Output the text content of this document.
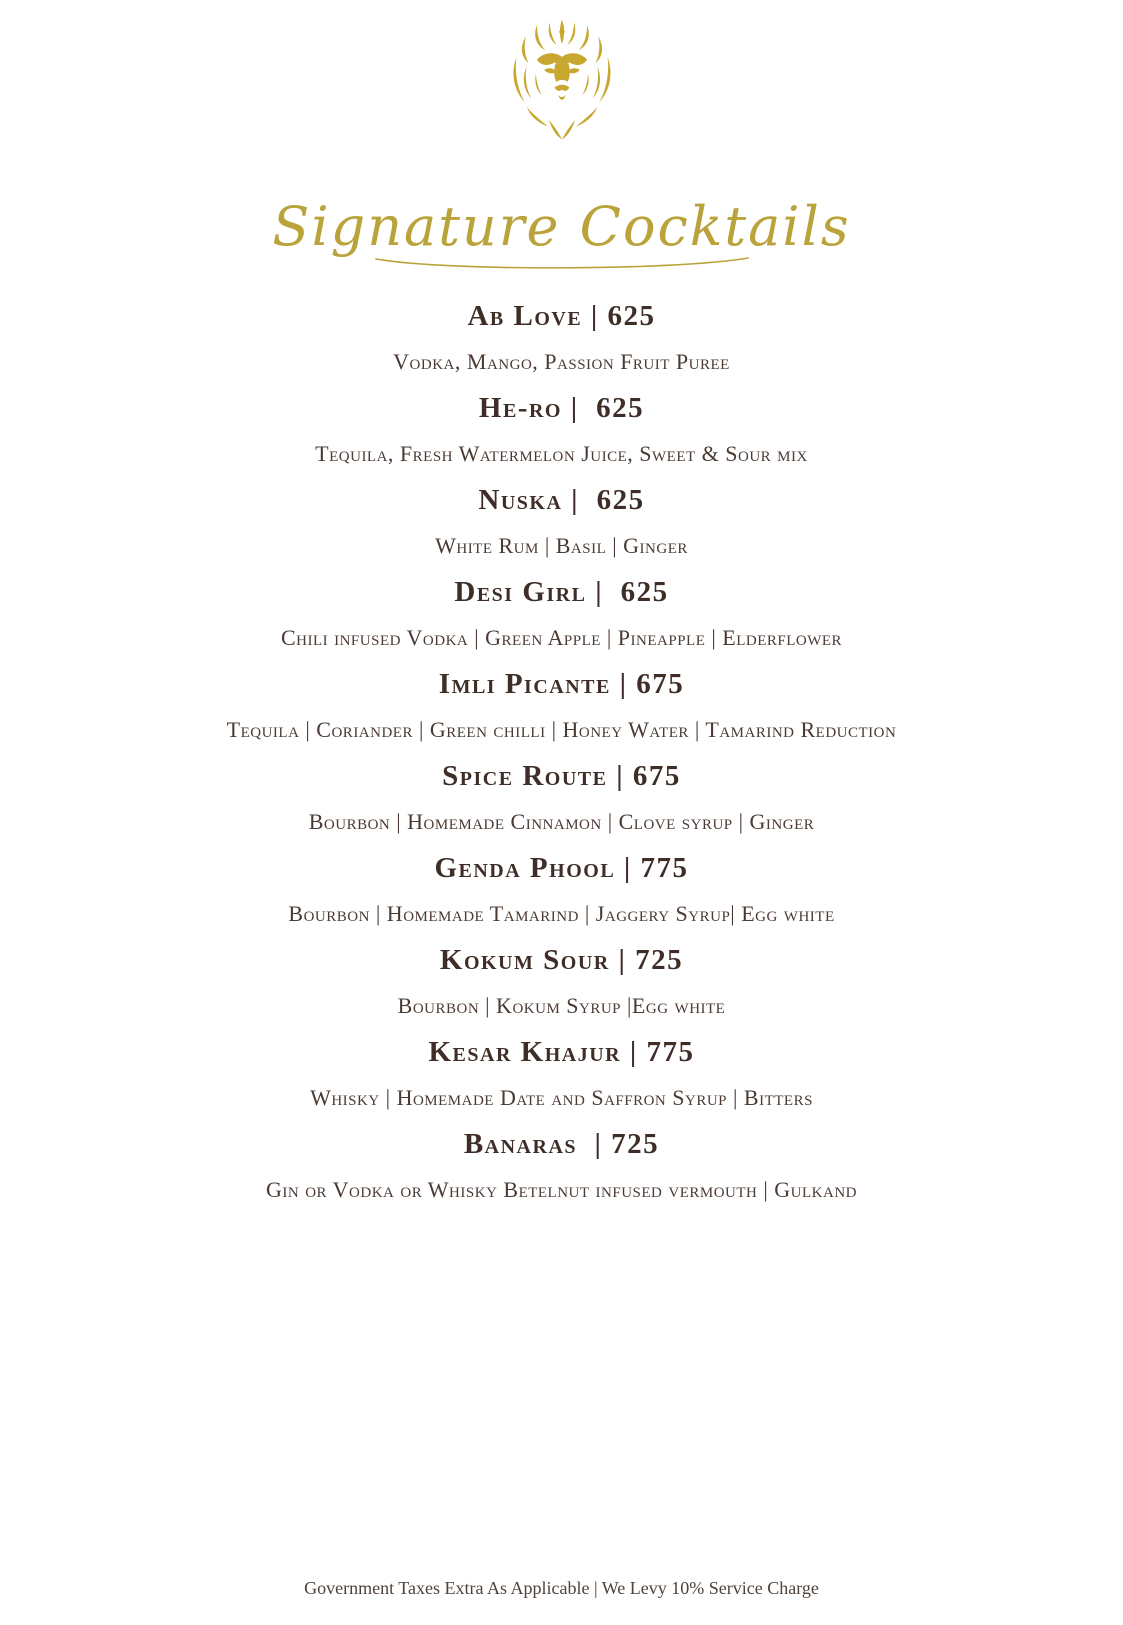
Signature Cocktails
Ab Love | 625
Vodka, Mango, Passion Fruit Puree
He-ro |  625
Tequila, Fresh Watermelon Juice, Sweet & Sour mix
Nuska |  625
White Rum | Basil | Ginger
Desi Girl |  625
Chili infused Vodka | Green Apple | Pineapple | Elderflower
Imli Picante | 675
Tequila | Coriander | Green chilli | Honey Water | Tamarind Reduction
Spice Route | 675
Bourbon | Homemade Cinnamon | Clove syrup | Ginger
Genda Phool | 775
Bourbon | Homemade Tamarind | Jaggery Syrup| Egg white
Kokum Sour | 725
Bourbon | Kokum Syrup |Egg white
Kesar Khajur | 775
Whisky | Homemade Date and Saffron Syrup | Bitters
Banaras  | 725
Gin or Vodka or Whisky Betelnut infused vermouth | Gulkand
Government Taxes Extra As Applicable | We Levy 10% Service Charge
